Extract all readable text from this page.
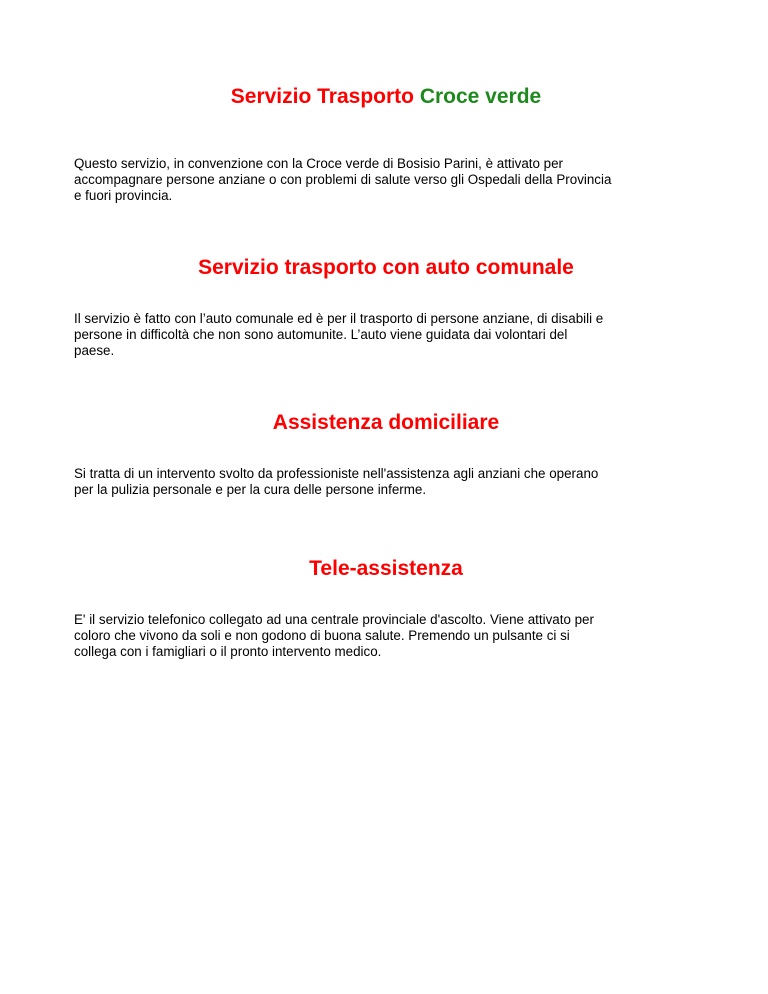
Servizio Trasporto Croce verde

Questo servizio, in convenzione con la Croce verde di Bosisio Parini, è attivato per
accompagnare persone anziane o con problemi di salute verso gli Ospedali della Provincia
e fuori provincia.

Servizio trasporto con auto comunale

Il servizio è fatto con l’auto comunale ed è per il trasporto di persone anziane, di disabili e
persone in difficoltà che non sono automunite. L’auto viene guidata dai volontari del
paese.

Assistenza domiciliare

Si tratta di un intervento svolto da professioniste nell'assistenza agli anziani che operano
per la pulizia personale e per la cura delle persone inferme.

Tele-assistenza

E' il servizio telefonico collegato ad una centrale provinciale d'ascolto. Viene attivato per
coloro che vivono da soli e non godono di buona salute. Premendo un pulsante ci si
collega con i famigliari o il pronto intervento medico.
